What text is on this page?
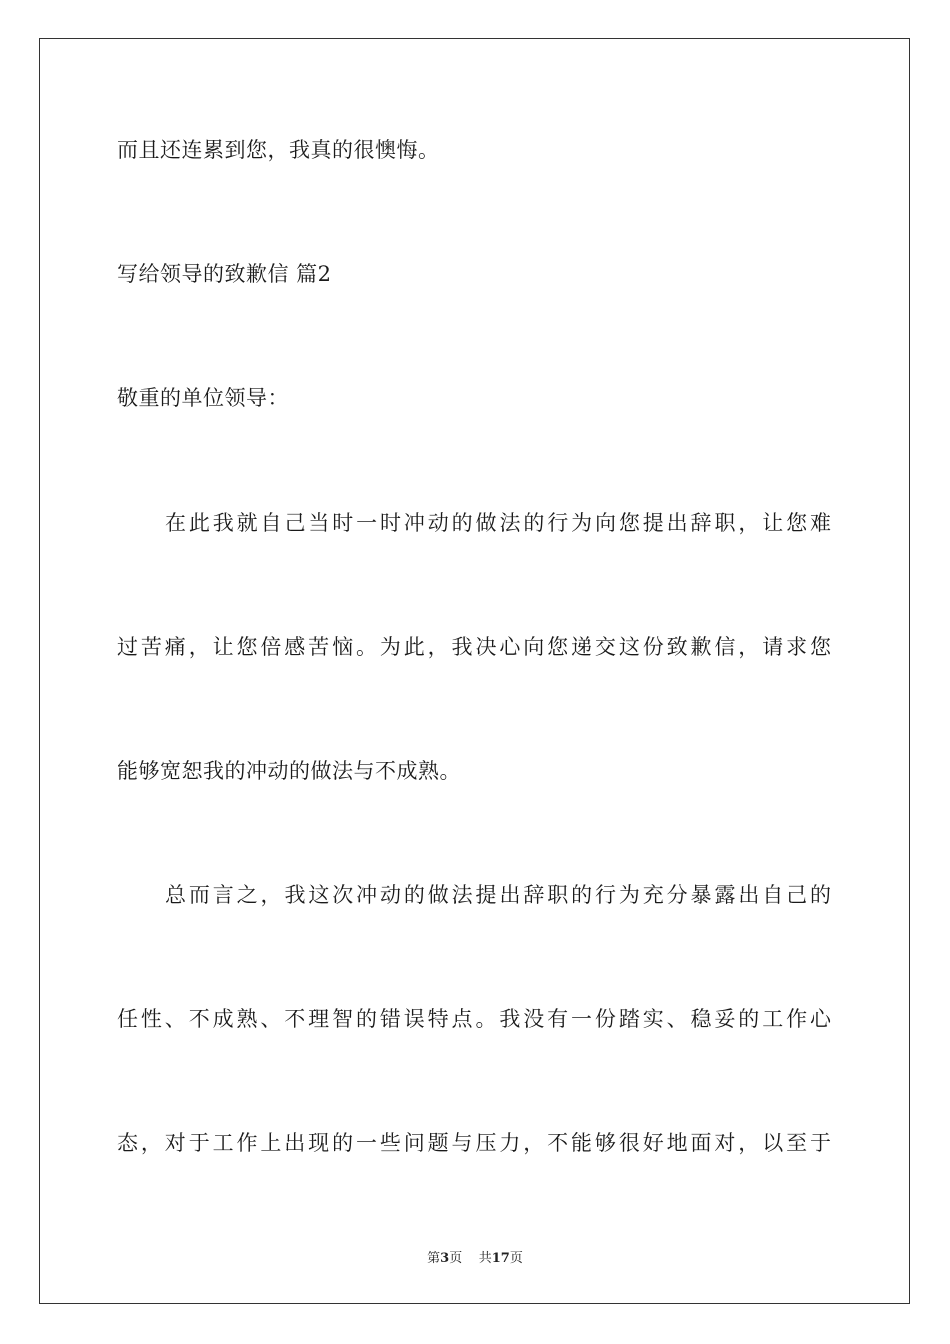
而且还连累到您，我真的很懊悔。
写给领导的致歉信 篇2
敬重的单位领导：
在此我就自己当时一时冲动的做法的行为向您提出辞职，让您难
过苦痛，让您倍感苦恼。为此，我决心向您递交这份致歉信，请求您
能够宽恕我的冲动的做法与不成熟。
总而言之，我这次冲动的做法提出辞职的行为充分暴露出自己的
任性、不成熟、不理智的错误特点。我没有一份踏实、稳妥的工作心
态，对于工作上出现的一些问题与压力，不能够很好地面对，以至于
第3页 共17页
